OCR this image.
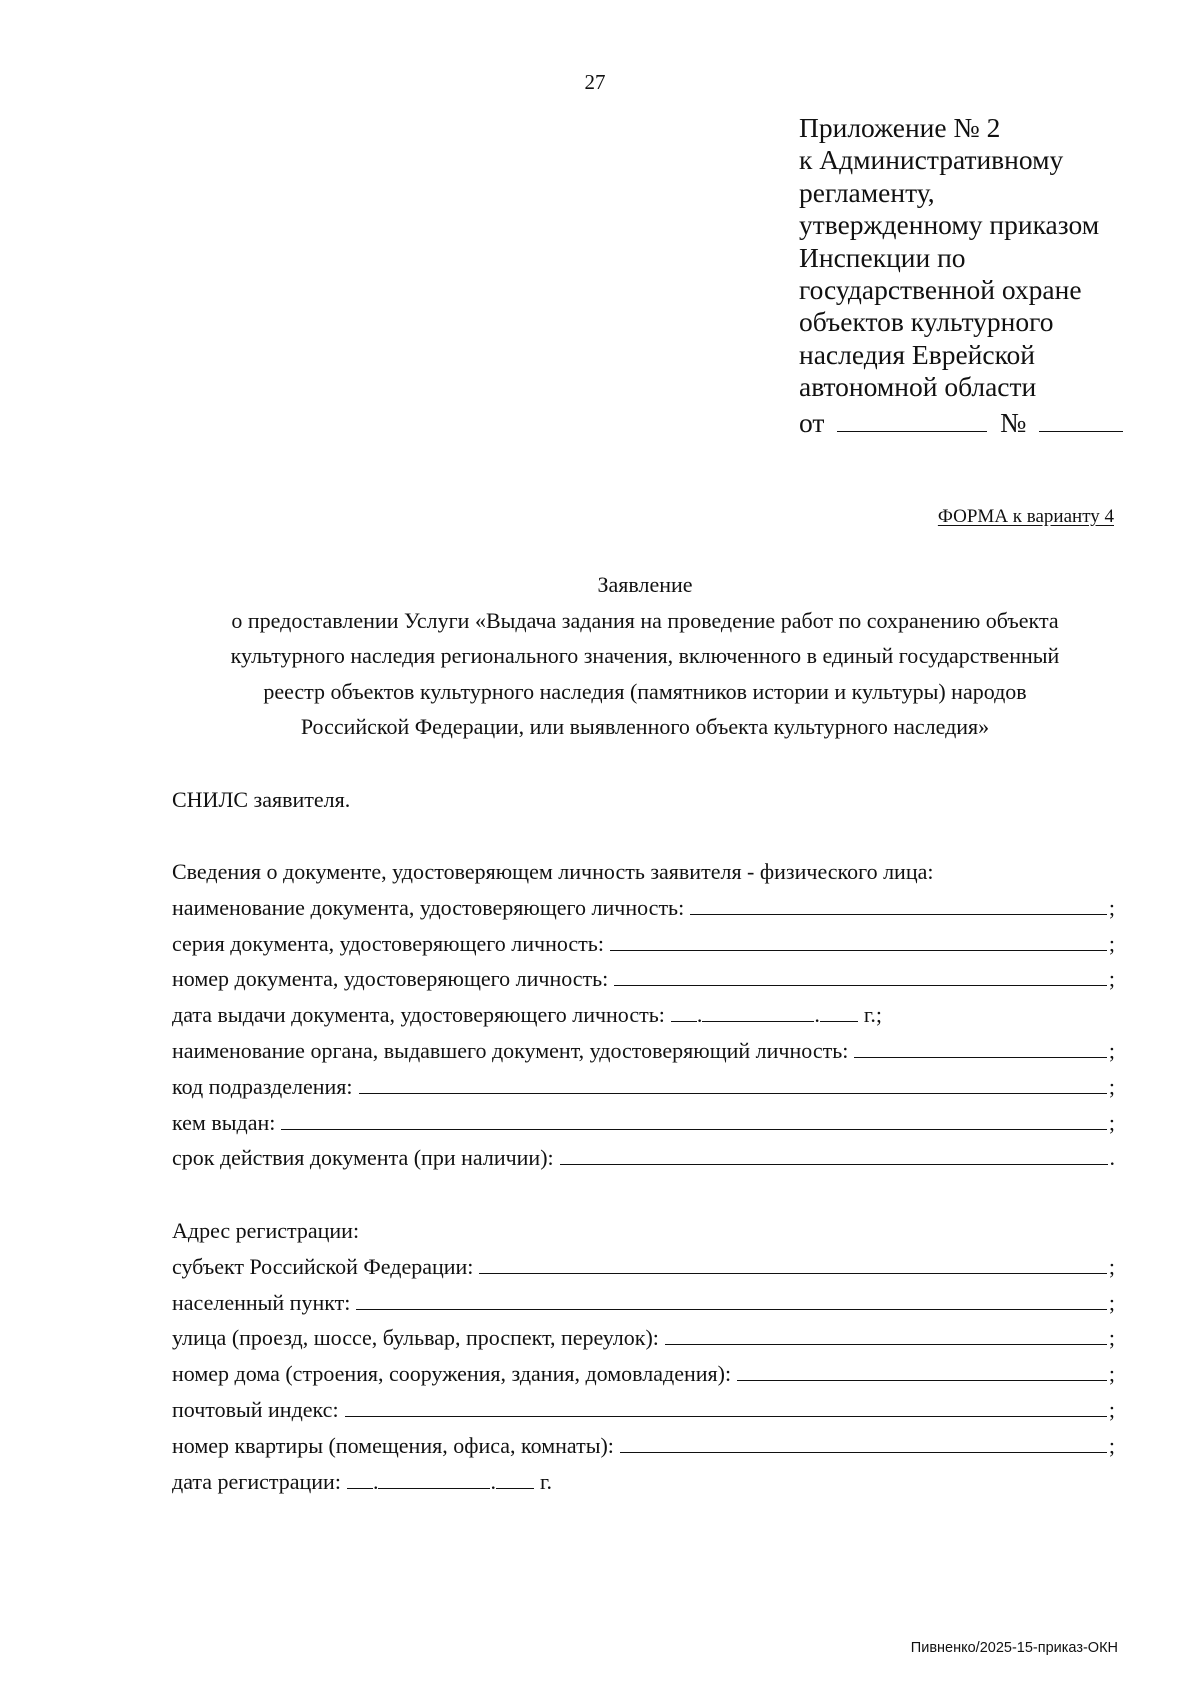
27
Приложение № 2
к Административному
регламенту,
утвержденному приказом
Инспекции по
государственной охране
объектов культурного
наследия Еврейской
автономной области
от	№
ФОРМА к варианту 4
Заявление
о предоставлении Услуги «Выдача задания на проведение работ по сохранению объекта
культурного наследия регионального значения, включенного в единый государственный
реестр объектов культурного наследия (памятников истории и культуры) народов
Российской Федерации, или выявленного объекта культурного наследия»
СНИЛС заявителя.
Сведения о документе, удостоверяющем личность заявителя - физического лица:
наименование документа, удостоверяющего личность:	;
серия документа, удостоверяющего личность:	;
номер документа, удостоверяющего личность:	;
дата выдачи документа, удостоверяющего личность: .	. г.;
наименование органа, выдавшего документ, удостоверяющий личность:	;
код подразделения:	;
кем выдан:	;
срок действия документа (при наличии):	.
Адрес регистрации:
субъект Российской Федерации:	;
населенный пункт:	;
улица (проезд, шоссе, бульвар, проспект, переулок):	;
номер дома (строения, сооружения, здания, домовладения):	;
почтовый индекс:	;
номер квартиры (помещения, офиса, комнаты):	;
дата регистрации: .	. г.
Пивненко/2025-15-приказ-ОКН
